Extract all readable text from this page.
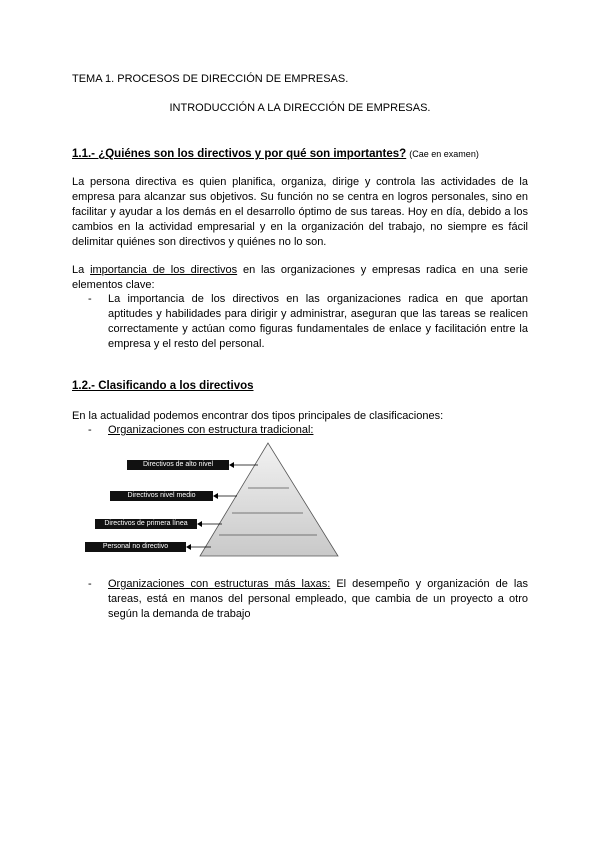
TEMA 1. PROCESOS DE DIRECCIÓN DE EMPRESAS.
INTRODUCCIÓN A LA DIRECCIÓN DE EMPRESAS.
1.1.- ¿Quiénes son los directivos y por qué son importantes? (Cae en examen)
La persona directiva es quien planifica, organiza, dirige y controla las actividades de la empresa para alcanzar sus objetivos. Su función no se centra en logros personales, sino en facilitar y ayudar a los demás en el desarrollo óptimo de sus tareas. Hoy en día, debido a los cambios en la actividad empresarial y en la organización del trabajo, no siempre es fácil delimitar quiénes son directivos y quiénes no lo son.
La importancia de los directivos en las organizaciones y empresas radica en una serie elementos clave:
- La importancia de los directivos en las organizaciones radica en que aportan aptitudes y habilidades para dirigir y administrar, aseguran que las tareas se realicen correctamente y actúan como figuras fundamentales de enlace y facilitación entre la empresa y el resto del personal.
1.2.- Clasificando a los directivos
En la actualidad podemos encontrar dos tipos principales de clasificaciones:
- Organizaciones con estructura tradicional:
Directivos de alto nivel
Directivos nivel medio
Directivos de primera línea
Personal no directivo
- Organizaciones con estructuras más laxas: El desempeño y organización de las tareas, está en manos del personal empleado, que cambia de un proyecto a otro según la demanda de trabajo
